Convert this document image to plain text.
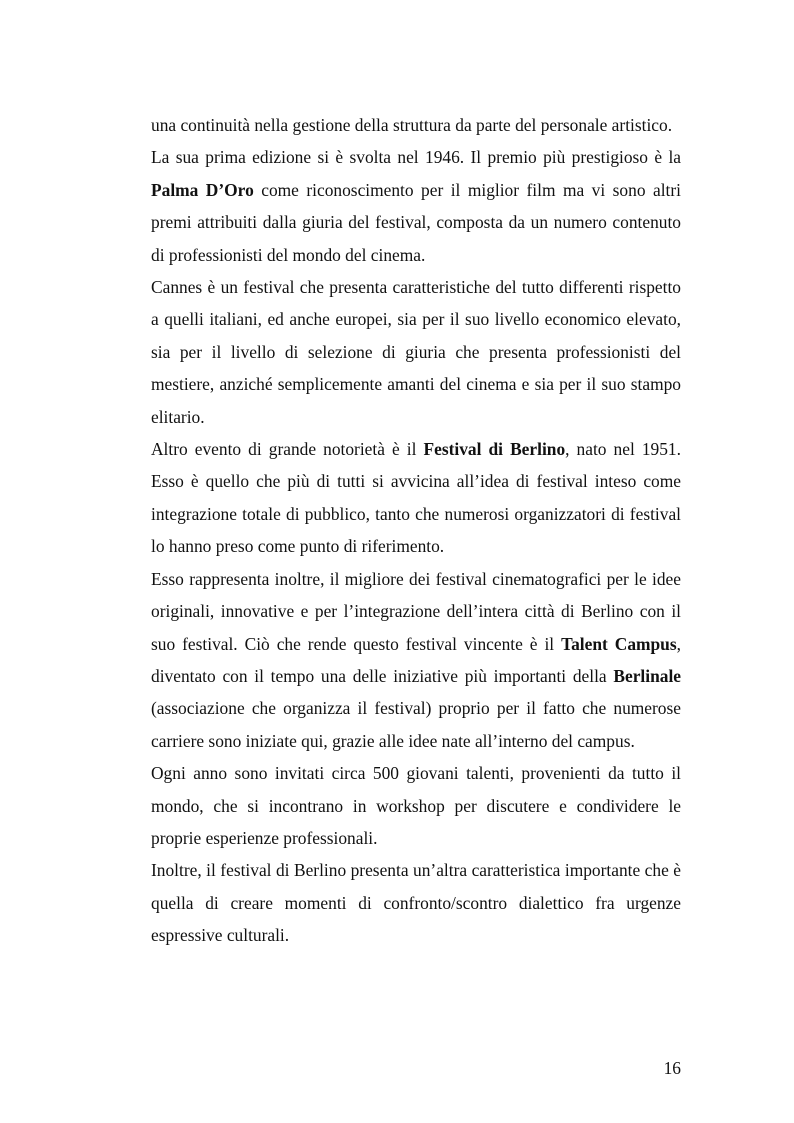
una continuità nella gestione della struttura da parte del personale artistico.

La sua prima edizione si è svolta nel 1946. Il premio più prestigioso è la Palma D’Oro come riconoscimento per il miglior film ma vi sono altri premi attribuiti dalla giuria del festival, composta da un numero contenuto di professionisti del mondo del cinema.

Cannes è un festival che presenta caratteristiche del tutto differenti rispetto a quelli italiani, ed anche europei, sia per il suo livello economico elevato, sia per il livello di selezione di giuria che presenta professionisti del mestiere, anziché semplicemente amanti del cinema e sia per il suo stampo elitario.

Altro evento di grande notorietà è il Festival di Berlino, nato nel 1951. Esso è quello che più di tutti si avvicina all’idea di festival inteso come integrazione totale di pubblico, tanto che numerosi organizzatori di festival lo hanno preso come punto di riferimento.

Esso rappresenta inoltre, il migliore dei festival cinematografici per le idee originali, innovative e per l’integrazione dell’intera città di Berlino con il suo festival. Ciò che rende questo festival vincente è il Talent Campus, diventato con il tempo una delle iniziative più importanti della Berlinale (associazione che organizza il festival) proprio per il fatto che numerose carriere sono iniziate qui, grazie alle idee nate all’interno del campus.

Ogni anno sono invitati circa 500 giovani talenti, provenienti da tutto il mondo, che si incontrano in workshop per discutere e condividere le proprie esperienze professionali.

Inoltre, il festival di Berlino presenta un’altra caratteristica importante che è quella di creare momenti di confronto/scontro dialettico fra urgenze espressive culturali.

16
